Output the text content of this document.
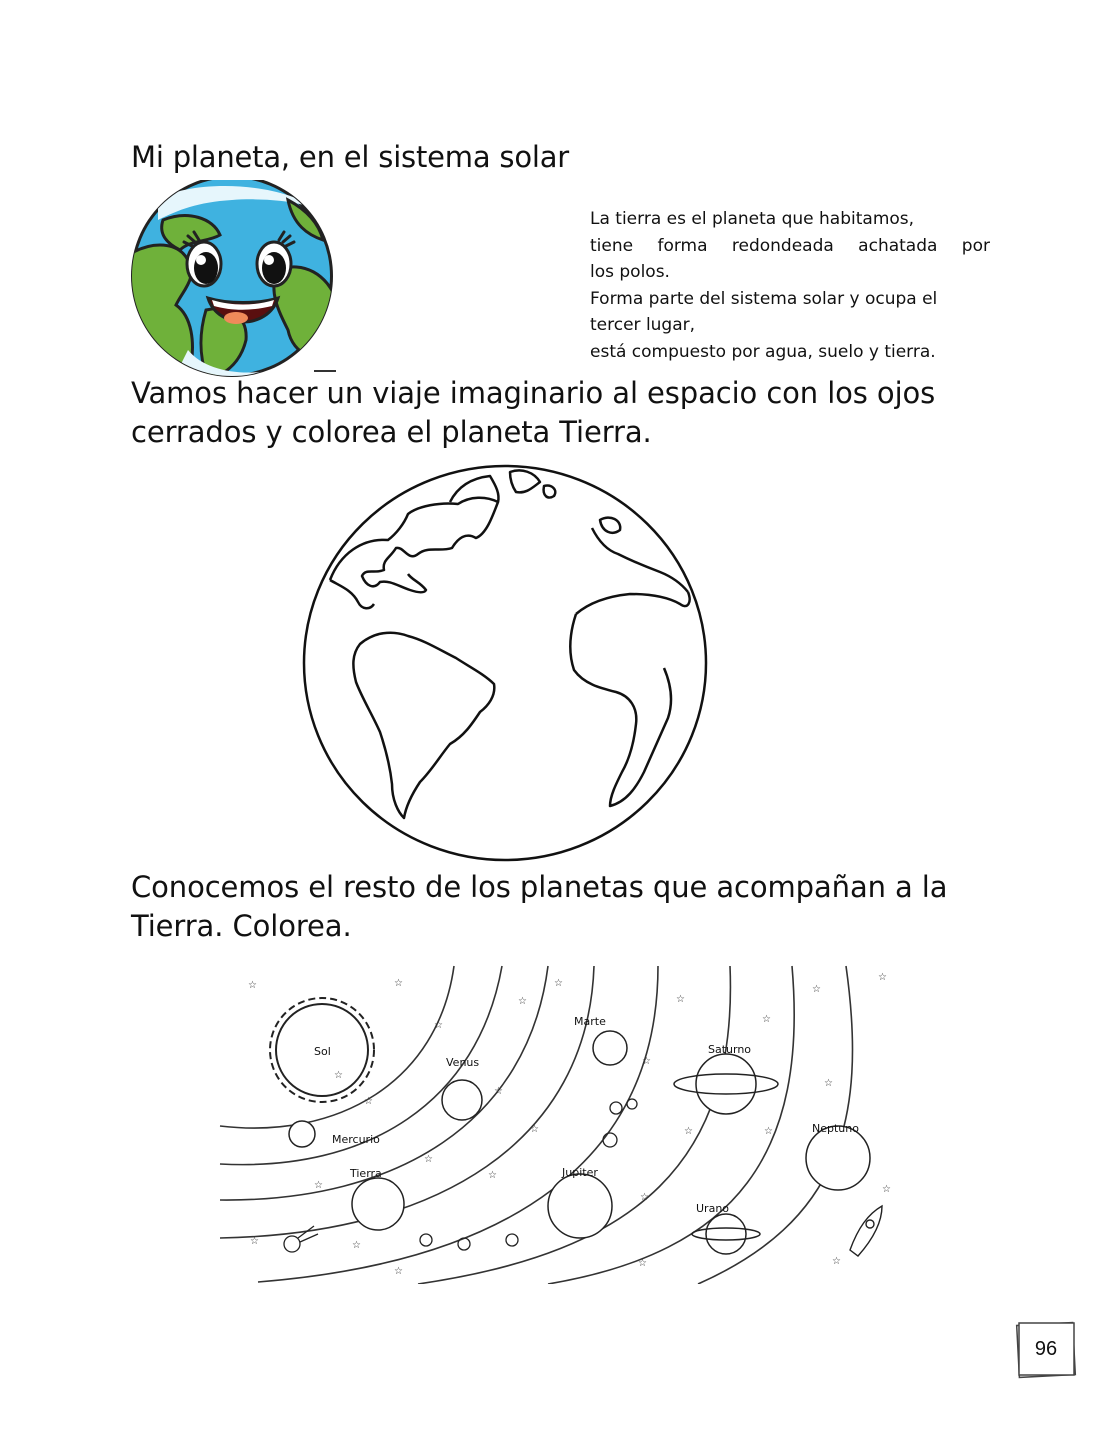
Mi planeta, en el sistema solar
La tierra es el planeta que habitamos,
tiene forma redondeada achatada por
los polos.
Forma parte del sistema solar y ocupa el
tercer lugar,
está compuesto por agua, suelo y tierra.
Vamos hacer un viaje imaginario al espacio con los ojos
cerrados y colorea el planeta Tierra.
Conocemos el resto de los planetas que acompañan a la
Tierra. Colorea.
Sol
Mercurio
Venus
Tierra
Marte
Jupiter
Saturno
Urano
Neptuno
☆	☆
☆
☆
☆
☆
☆
☆
☆
☆
☆
☆
☆
☆
☆
☆
☆
☆
☆
☆
☆
☆
☆
☆
☆
☆
☆
96
